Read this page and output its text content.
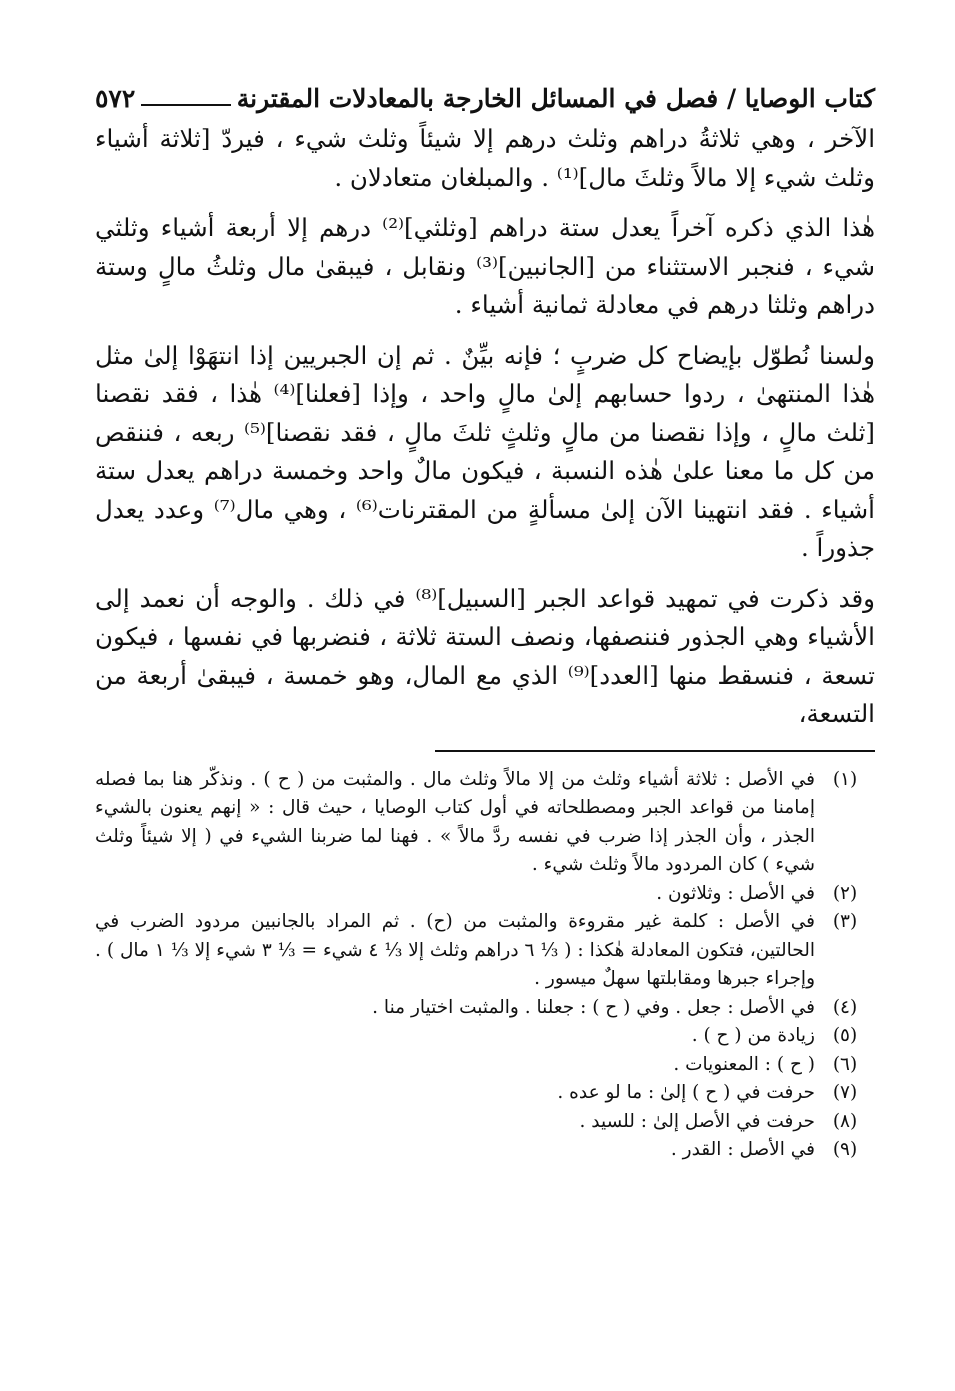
كتاب الوصايا / فصل في المسائل الخارجة بالمعادلات المقترنة
٥٧٢

الآخر ، وهي ثلاثةُ دراهم وثلث درهم إلا شيئاً وثلث شيء ، فيردّ [ثلاثة أشياء وثلث شيء إلا مالاً وثلثَ مال]⁽¹⁾ . والمبلغان متعادلان .

هٰذا الذي ذكره آخراً يعدل ستة دراهم [وثلثي]⁽²⁾ درهم إلا أربعة أشياء وثلثي شيء ، فنجبر الاستثناء من [الجانبين]⁽³⁾ ونقابل ، فيبقىٰ مال وثلثُ مالٍ وستة دراهم وثلثا درهم في معادلة ثمانية أشياء .

ولسنا نُطوّل بإيضاح كل ضربٍ ؛ فإنه بيِّنٌ . ثم إن الجبريين إذا انتهَوْا إلىٰ مثل هٰذا المنتهىٰ ، ردوا حسابهم إلىٰ مالٍ واحد ، وإذا [فعلنا]⁽⁴⁾ هٰذا ، فقد نقصنا [ثلث مالٍ ، وإذا نقصنا من مالٍ وثلثٍ ثلثَ مالٍ ، فقد نقصنا]⁽⁵⁾ ربعه ، فننقص من كل ما معنا علىٰ هٰذه النسبة ، فيكون مالٌ واحد وخمسة دراهم يعدل ستة أشياء . فقد انتهينا الآن إلىٰ مسألةٍ من المقترنات⁽⁶⁾ ، وهي مال⁽⁷⁾ وعدد يعدل جذوراً .

وقد ذكرت في تمهيد قواعد الجبر [السبيل]⁽⁸⁾ في ذلك . والوجه أن نعمد إلى الأشياء وهي الجذور فننصفها، ونصف الستة ثلاثة ، فنضربها في نفسها ، فيكون تسعة ، فنسقط منها [العدد]⁽⁹⁾ الذي مع المال، وهو خمسة ، فيبقىٰ أربعة من التسعة،

(١)
في الأصل : ثلاثة أشياء وثلث من إلا مالاً وثلث مال . والمثبت من ( ح ) . ونذكّر هنا بما فصله إمامنا من قواعد الجبر ومصطلحاته في أول كتاب الوصايا ، حيث قال : « إنهم يعنون بالشيء الجذر ، وأن الجذر إذا ضرب في نفسه ردَّ مالاً » . فهنا لما ضربنا الشيء في ( إلا شيئاً وثلث شيء ) كان المردود مالاً وثلث شيء .
(٢)
في الأصل : وثلاثون .
(٣)
في الأصل : كلمة غير مقروءة والمثبت من (ح) . ثم المراد بالجانبين مردود الضرب في الحالتين، فتكون المعادلة هٰكذا : ( ⅓ ٦ دراهم وثلث إلا ⅓ ٤ شيء = ⅓ ٣ شيء إلا ⅓ ١ مال ) . وإجراء جبرها ومقابلتها سهلٌ ميسور .
(٤)
في الأصل : جعل . وفي ( ح ) : جعلنا . والمثبت اختيار منا .
(٥)
زيادة من ( ح ) .
(٦)
( ح ) : المعنويات .
(٧)
حرفت في ( ح ) إلىٰ : ما لو عده .
(٨)
حرفت في الأصل إلىٰ : للسيد .
(٩)
في الأصل : القدر .
